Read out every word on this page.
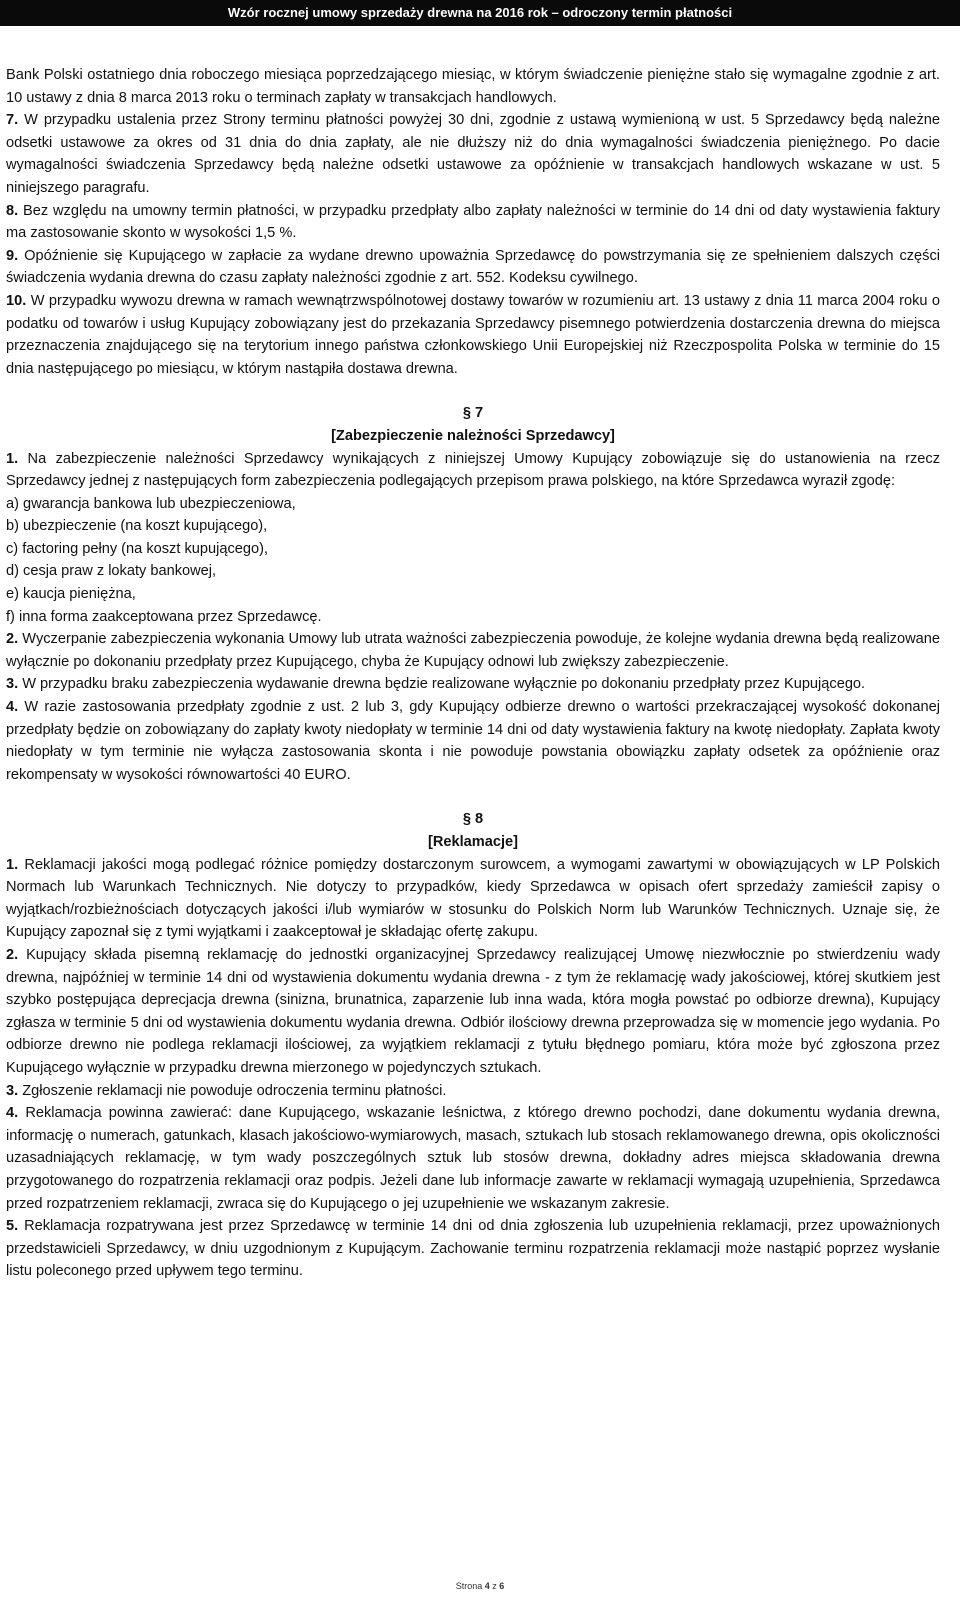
Wzór rocznej umowy sprzedaży drewna na 2016 rok – odroczony termin płatności

Bank Polski ostatniego dnia roboczego miesiąca poprzedzającego miesiąc, w którym świadczenie pieniężne stało się wymagalne zgodnie z art. 10 ustawy z dnia 8 marca 2013 roku o terminach zapłaty w transakcjach handlowych.

7. W przypadku ustalenia przez Strony terminu płatności powyżej 30 dni, zgodnie z ustawą wymienioną w ust. 5 Sprzedawcy będą należne odsetki ustawowe za okres od 31 dnia do dnia zapłaty, ale nie dłuższy niż do dnia wymagalności świadczenia pieniężnego. Po dacie wymagalności świadczenia Sprzedawcy będą należne odsetki ustawowe za opóźnienie w transakcjach handlowych wskazane w ust. 5 niniejszego paragrafu.

8. Bez względu na umowny termin płatności, w przypadku przedpłaty albo zapłaty należności w terminie do 14 dni od daty wystawienia faktury ma zastosowanie skonto w wysokości 1,5 %.

9. Opóźnienie się Kupującego w zapłacie za wydane drewno upoważnia Sprzedawcę do powstrzymania się ze spełnieniem dalszych części świadczenia wydania drewna do czasu zapłaty należności zgodnie z art. 552. Kodeksu cywilnego.

10. W przypadku wywozu drewna w ramach wewnątrzwspólnotowej dostawy towarów w rozumieniu art. 13 ustawy z dnia 11 marca 2004 roku o podatku od towarów i usług Kupujący zobowiązany jest do przekazania Sprzedawcy pisemnego potwierdzenia dostarczenia drewna do miejsca przeznaczenia znajdującego się na terytorium innego państwa członkowskiego Unii Europejskiej niż Rzeczpospolita Polska w terminie do 15 dnia następującego po miesiącu, w którym nastąpiła dostawa drewna.

§ 7

[Zabezpieczenie należności Sprzedawcy]

1. Na zabezpieczenie należności Sprzedawcy wynikających z niniejszej Umowy Kupujący zobowiązuje się do ustanowienia na rzecz Sprzedawcy jednej z następujących form zabezpieczenia podlegających przepisom prawa polskiego, na które Sprzedawca wyraził zgodę:

a) gwarancja bankowa lub ubezpieczeniowa,

b) ubezpieczenie (na koszt kupującego),

c) factoring pełny (na koszt kupującego),

d) cesja praw z lokaty bankowej,

e) kaucja pieniężna,

f) inna forma zaakceptowana przez Sprzedawcę.

2. Wyczerpanie zabezpieczenia wykonania Umowy lub utrata ważności zabezpieczenia powoduje, że kolejne wydania drewna będą realizowane wyłącznie po dokonaniu przedpłaty przez Kupującego, chyba że Kupujący odnowi lub zwiększy zabezpieczenie.

3. W przypadku braku zabezpieczenia wydawanie drewna będzie realizowane wyłącznie po dokonaniu przedpłaty przez Kupującego.

4. W razie zastosowania przedpłaty zgodnie z ust. 2 lub 3, gdy Kupujący odbierze drewno o wartości przekraczającej wysokość dokonanej przedpłaty będzie on zobowiązany do zapłaty kwoty niedopłaty w terminie 14 dni od daty wystawienia faktury na kwotę niedopłaty. Zapłata kwoty niedopłaty w tym terminie nie wyłącza zastosowania skonta i nie powoduje powstania obowiązku zapłaty odsetek za opóźnienie oraz rekompensaty w wysokości równowartości 40 EURO.

§ 8

[Reklamacje]

1. Reklamacji jakości mogą podlegać różnice pomiędzy dostarczonym surowcem, a wymogami zawartymi w obowiązujących w LP Polskich Normach lub Warunkach Technicznych. Nie dotyczy to przypadków, kiedy Sprzedawca w opisach ofert sprzedaży zamieścił zapisy o wyjątkach/rozbieżnościach dotyczących jakości i/lub wymiarów w stosunku do Polskich Norm lub Warunków Technicznych. Uznaje się, że Kupujący zapoznał się z tymi wyjątkami i zaakceptował je składając ofertę zakupu.

2. Kupujący składa pisemną reklamację do jednostki organizacyjnej Sprzedawcy realizującej Umowę niezwłocznie po stwierdzeniu wady drewna, najpóźniej w terminie 14 dni od wystawienia dokumentu wydania drewna - z tym że reklamację wady jakościowej, której skutkiem jest szybko postępująca deprecjacja drewna (sinizna, brunatnica, zaparzenie lub inna wada, która mogła powstać po odbiorze drewna), Kupujący zgłasza w terminie 5 dni od wystawienia dokumentu wydania drewna. Odbiór ilościowy drewna przeprowadza się w momencie jego wydania. Po odbiorze drewno nie podlega reklamacji ilościowej, za wyjątkiem reklamacji z tytułu błędnego pomiaru, która może być zgłoszona przez Kupującego wyłącznie w przypadku drewna mierzonego w pojedynczych sztukach.

3. Zgłoszenie reklamacji nie powoduje odroczenia terminu płatności.

4. Reklamacja powinna zawierać: dane Kupującego, wskazanie leśnictwa, z którego drewno pochodzi, dane dokumentu wydania drewna, informację o numerach, gatunkach, klasach jakościowo-wymiarowych, masach, sztukach lub stosach reklamowanego drewna, opis okoliczności uzasadniających reklamację, w tym wady poszczególnych sztuk lub stosów drewna, dokładny adres miejsca składowania drewna przygotowanego do rozpatrzenia reklamacji oraz podpis. Jeżeli dane lub informacje zawarte w reklamacji wymagają uzupełnienia, Sprzedawca przed rozpatrzeniem reklamacji, zwraca się do Kupującego o jej uzupełnienie we wskazanym zakresie.

5. Reklamacja rozpatrywana jest przez Sprzedawcę w terminie 14 dni od dnia zgłoszenia lub uzupełnienia reklamacji, przez upoważnionych przedstawicieli Sprzedawcy, w dniu uzgodnionym z Kupującym. Zachowanie terminu rozpatrzenia reklamacji może nastąpić poprzez wysłanie listu poleconego przed upływem tego terminu.

Strona 4 z 6
